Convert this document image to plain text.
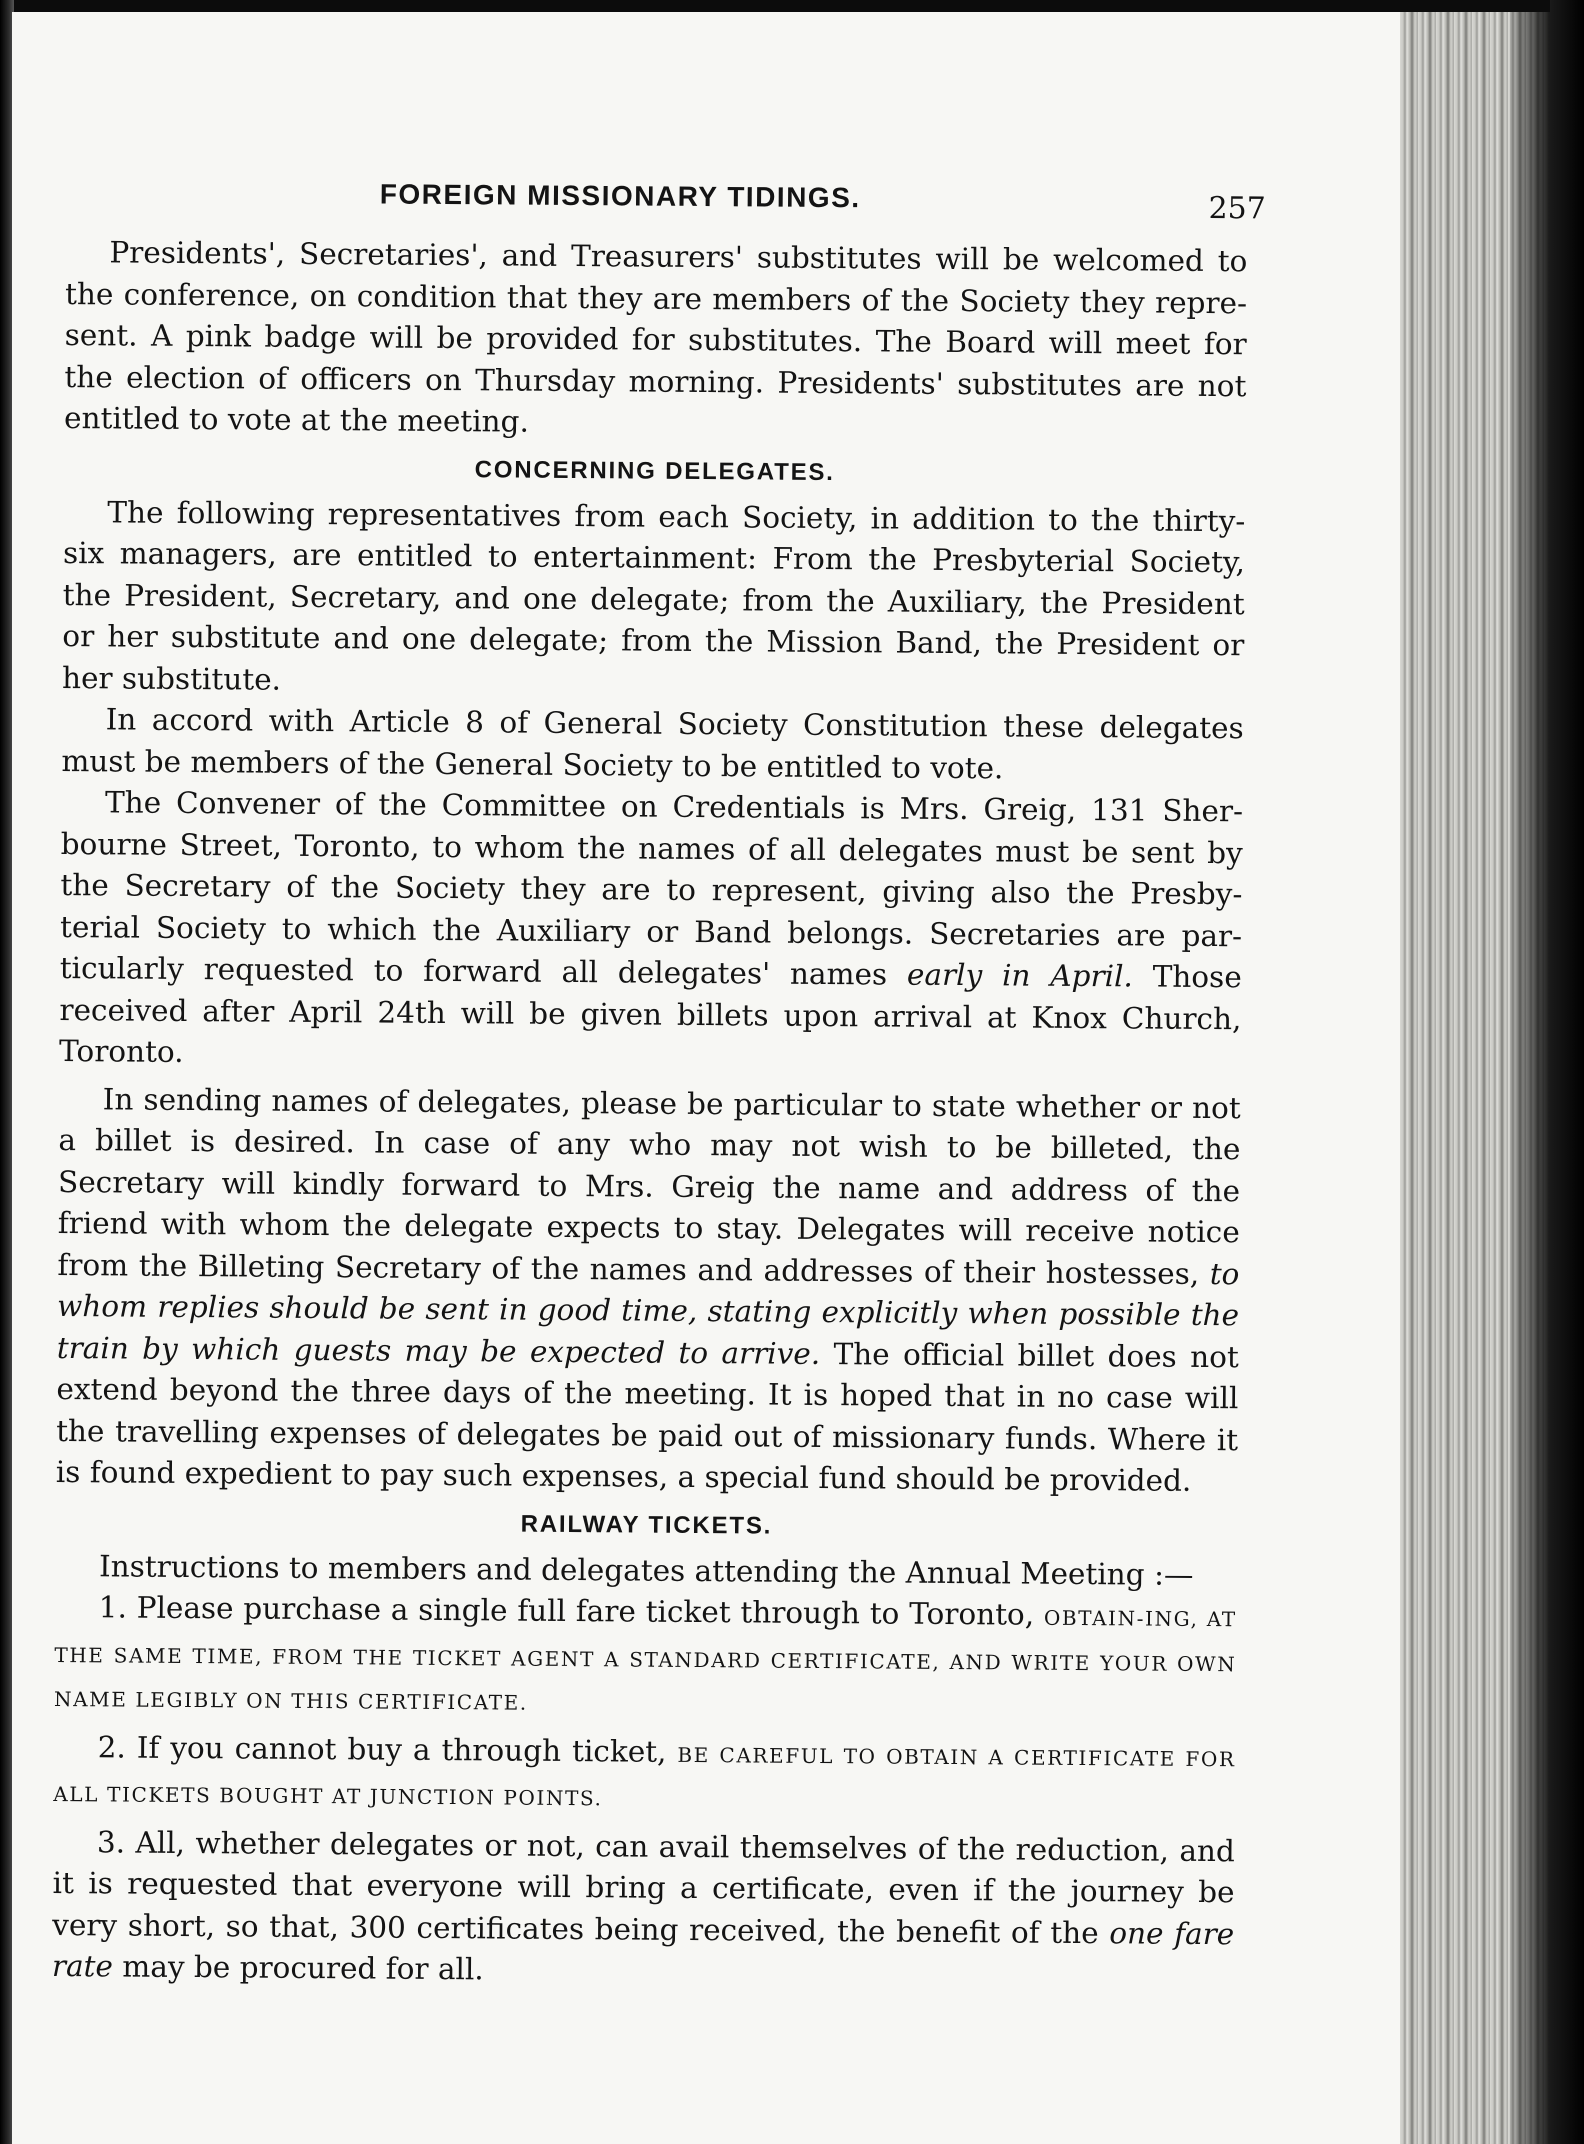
FOREIGN MISSIONARY TIDINGS.	257

Presidents', Secretaries', and Treasurers' substitutes will be welcomed to the conference, on condition that they are members of the Society they repre-sent. A pink badge will be provided for substitutes. The Board will meet for the election of officers on Thursday morning. Presidents' substitutes are not entitled to vote at the meeting.

CONCERNING DELEGATES.

The following representatives from each Society, in addition to the thirty-six managers, are entitled to entertainment: From the Presbyterial Society, the President, Secretary, and one delegate; from the Auxiliary, the President or her substitute and one delegate; from the Mission Band, the President or her substitute.

In accord with Article 8 of General Society Constitution these delegates must be members of the General Society to be entitled to vote.

The Convener of the Committee on Credentials is Mrs. Greig, 131 Sher-bourne Street, Toronto, to whom the names of all delegates must be sent by the Secretary of the Society they are to represent, giving also the Presby-terial Society to which the Auxiliary or Band belongs. Secretaries are par-ticularly requested to forward all delegates' names early in April. Those received after April 24th will be given billets upon arrival at Knox Church, Toronto.

In sending names of delegates, please be particular to state whether or not a billet is desired. In case of any who may not wish to be billeted, the Secretary will kindly forward to Mrs. Greig the name and address of the friend with whom the delegate expects to stay. Delegates will receive notice from the Billeting Secretary of the names and addresses of their hostesses, to whom replies should be sent in good time, stating explicitly when possible the train by which guests may be expected to arrive. The official billet does not extend beyond the three days of the meeting. It is hoped that in no case will the travelling expenses of delegates be paid out of missionary funds. Where it is found expedient to pay such expenses, a special fund should be provided.

RAILWAY TICKETS.

Instructions to members and delegates attending the Annual Meeting :—

1. Please purchase a single full fare ticket through to Toronto, OBTAIN-ING, AT THE SAME TIME, FROM THE TICKET AGENT A STANDARD CERTIFICATE, AND WRITE YOUR OWN NAME LEGIBLY ON THIS CERTIFICATE.

2. If you cannot buy a through ticket, BE CAREFUL TO OBTAIN A CERTIFICATE FOR ALL TICKETS BOUGHT AT JUNCTION POINTS.

3. All, whether delegates or not, can avail themselves of the reduction, and it is requested that everyone will bring a certificate, even if the journey be very short, so that, 300 certificates being received, the benefit of the one fare rate may be procured for all.
